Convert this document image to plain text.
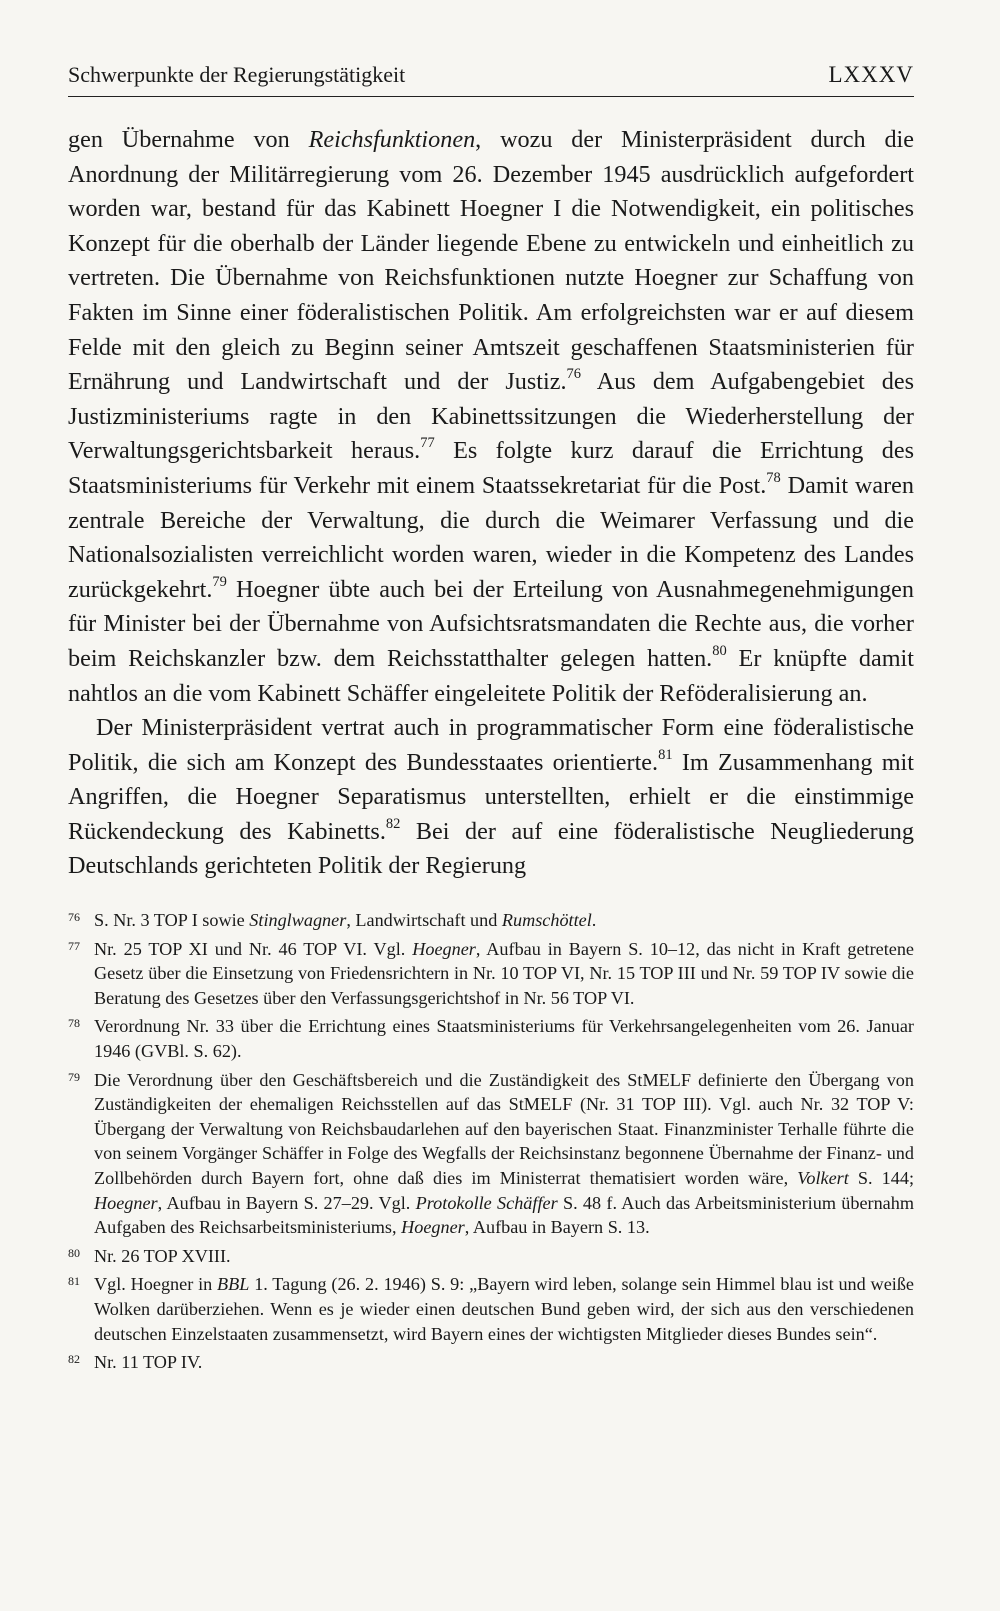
Schwerpunkte der Regierungstätigkeit	LXXXV

gen Übernahme von Reichsfunktionen, wozu der Ministerpräsident durch die Anordnung der Militärregierung vom 26. Dezember 1945 ausdrücklich aufgefordert worden war, bestand für das Kabinett Hoegner I die Notwendigkeit, ein politisches Konzept für die oberhalb der Länder liegende Ebene zu entwickeln und einheitlich zu vertreten. Die Übernahme von Reichsfunktionen nutzte Hoegner zur Schaffung von Fakten im Sinne einer föderalistischen Politik. Am erfolgreichsten war er auf diesem Felde mit den gleich zu Beginn seiner Amtszeit geschaffenen Staatsministerien für Ernährung und Landwirtschaft und der Justiz.$^{76}$ Aus dem Aufgabengebiet des Justizministeriums ragte in den Kabinettssitzungen die Wiederherstellung der Verwaltungsgerichtsbarkeit heraus.$^{77}$ Es folgte kurz darauf die Errichtung des Staatsministeriums für Verkehr mit einem Staatssekretariat für die Post.$^{78}$ Damit waren zentrale Bereiche der Verwaltung, die durch die Weimarer Verfassung und die Nationalsozialisten verreichlicht worden waren, wieder in die Kompetenz des Landes zurückgekehrt.$^{79}$ Hoegner übte auch bei der Erteilung von Ausnahmegenehmigungen für Minister bei der Übernahme von Aufsichtsratsmandaten die Rechte aus, die vorher beim Reichskanzler bzw. dem Reichsstatthalter gelegen hatten.$^{80}$ Er knüpfte damit nahtlos an die vom Kabinett Schäffer eingeleitete Politik der Reföderalisierung an.

Der Ministerpräsident vertrat auch in programmatischer Form eine föderalistische Politik, die sich am Konzept des Bundesstaates orientierte.$^{81}$ Im Zusammenhang mit Angriffen, die Hoegner Separatismus unterstellten, erhielt er die einstimmige Rückendeckung des Kabinetts.$^{82}$ Bei der auf eine föderalistische Neugliederung Deutschlands gerichteten Politik der Regierung

76 S. Nr. 3 TOP I sowie Stinglwagner, Landwirtschaft und Rumschöttel.
77 Nr. 25 TOP XI und Nr. 46 TOP VI. Vgl. Hoegner, Aufbau in Bayern S. 10–12, das nicht in Kraft getretene Gesetz über die Einsetzung von Friedensrichtern in Nr. 10 TOP VI, Nr. 15 TOP III und Nr. 59 TOP IV sowie die Beratung des Gesetzes über den Verfassungsgerichtshof in Nr. 56 TOP VI.
78 Verordnung Nr. 33 über die Errichtung eines Staatsministeriums für Verkehrsangelegenheiten vom 26. Januar 1946 (GVBl. S. 62).
79 Die Verordnung über den Geschäftsbereich und die Zuständigkeit des StMELF definierte den Übergang von Zuständigkeiten der ehemaligen Reichsstellen auf das StMELF (Nr. 31 TOP III). Vgl. auch Nr. 32 TOP V: Übergang der Verwaltung von Reichsbaudarlehen auf den bayerischen Staat. Finanzminister Terhalle führte die von seinem Vorgänger Schäffer in Folge des Wegfalls der Reichsinstanz begonnene Übernahme der Finanz- und Zollbehörden durch Bayern fort, ohne daß dies im Ministerrat thematisiert worden wäre, Volkert S. 144; Hoegner, Aufbau in Bayern S. 27–29. Vgl. Protokolle Schäffer S. 48 f. Auch das Arbeitsministerium übernahm Aufgaben des Reichsarbeitsministeriums, Hoegner, Aufbau in Bayern S. 13.
80 Nr. 26 TOP XVIII.
81 Vgl. Hoegner in BBL 1. Tagung (26. 2. 1946) S. 9: „Bayern wird leben, solange sein Himmel blau ist und weiße Wolken darüberziehen. Wenn es je wieder einen deutschen Bund geben wird, der sich aus den verschiedenen deutschen Einzelstaaten zusammensetzt, wird Bayern eines der wichtigsten Mitglieder dieses Bundes sein“.
82 Nr. 11 TOP IV.
